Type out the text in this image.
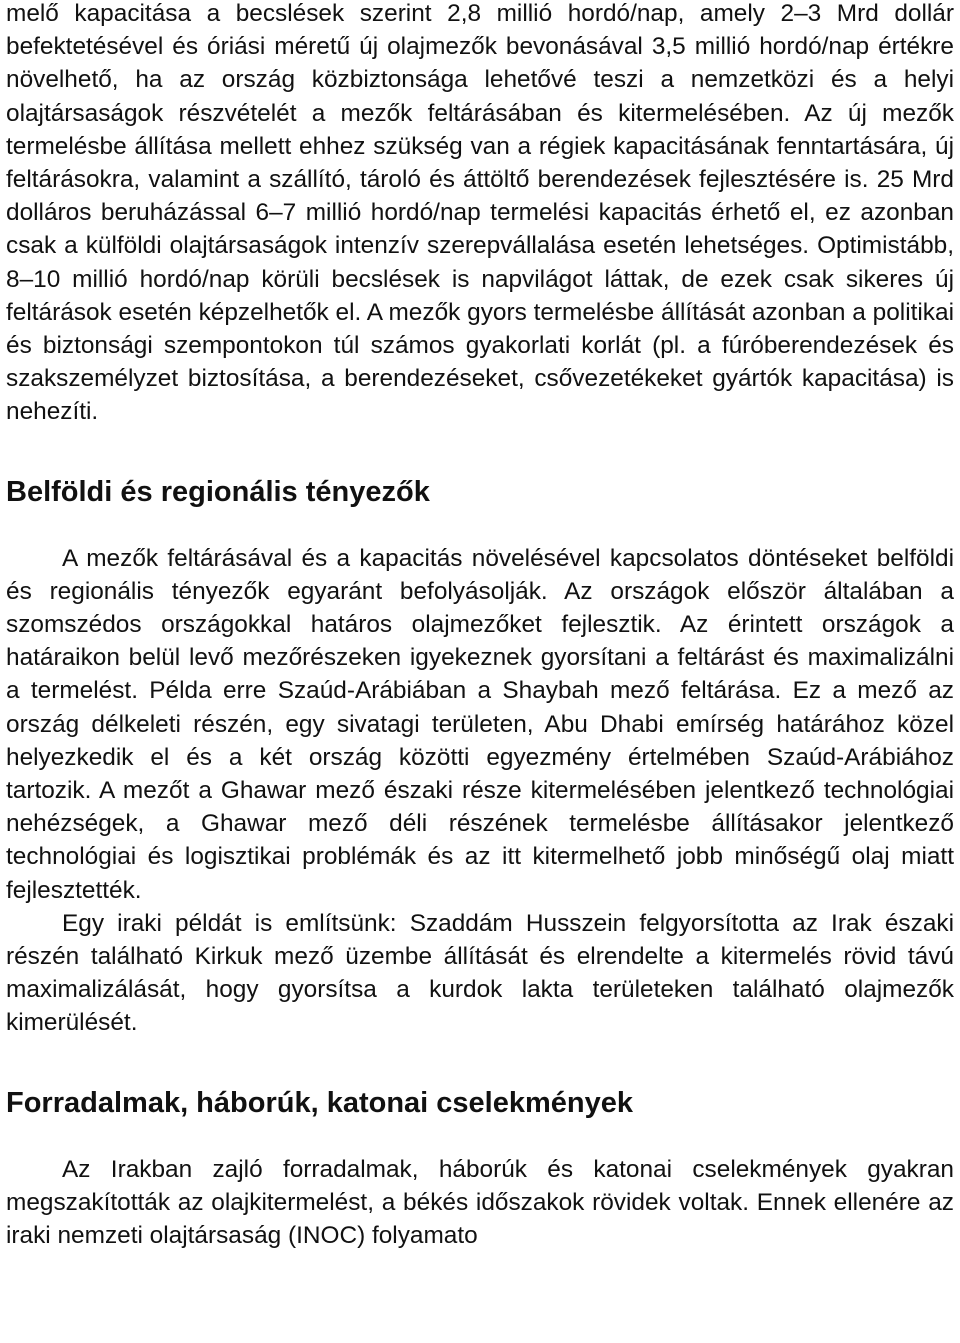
melő kapacitása a becslések szerint 2,8 millió hordó/nap, amely 2–3 Mrd dollár befektetésével és óriási méretű új olajmezők bevonásával 3,5 millió hordó/nap értékre növelhető, ha az ország közbiztonsága lehetővé teszi a nemzetközi és a helyi olajtársaságok részvételét a mezők feltárásában és kitermelésében. Az új mezők termelésbe állítása mellett ehhez szükség van a régiek kapacitásának fenntartására, új feltárásokra, valamint a szállító, tároló és áttöltő berendezések fejlesztésére is. 25 Mrd dolláros beruházással 6–7 millió hordó/nap termelési kapacitás érhető el, ez azonban csak a külföldi olajtársaságok intenzív szerepvállalása esetén lehetséges. Optimistább, 8–10 millió hordó/nap körüli becslések is napvilágot láttak, de ezek csak sikeres új feltárások esetén képzelhetők el. A mezők gyors termelésbe állítását azonban a politikai és biztonsági szempontokon túl számos gyakorlati korlát (pl. a fúróberendezések és szakszemélyzet biztosítása, a berendezéseket, csővezetékeket gyártók kapacitása) is nehezíti.

Belföldi és regionális tényezők

A mezők feltárásával és a kapacitás növelésével kapcsolatos döntéseket belföldi és regionális tényezők egyaránt befolyásolják. Az országok először általában a szomszédos országokkal határos olajmezőket fejlesztik. Az érintett országok a határaikon belül levő mezőrészeken igyekeznek gyorsítani a feltárást és maximalizálni a termelést. Példa erre Szaúd-Arábiában a Shaybah mező feltárása. Ez a mező az ország délkeleti részén, egy sivatagi területen, Abu Dhabi emírség határához közel helyezkedik el és a két ország közötti egyezmény értelmében Szaúd-Arábiához tartozik. A mezőt a Ghawar mező északi része kitermelésében jelentkező technológiai nehézségek, a Ghawar mező déli részének termelésbe állításakor jelentkező technológiai és logisztikai problémák és az itt kitermelhető jobb minőségű olaj miatt fejlesztették.

Egy iraki példát is említsünk: Szaddám Husszein felgyorsította az Irak északi részén található Kirkuk mező üzembe állítását és elrendelte a kitermelés rövid távú maximalizálását, hogy gyorsítsa a kurdok lakta területeken található olajmezők kimerülését.

Forradalmak, háborúk, katonai cselekmények

Az Irakban zajló forradalmak, háborúk és katonai cselekmények gyakran megszakították az olajkitermelést, a békés időszakok rövidek voltak. Ennek ellenére az iraki nemzeti olajtársaság (INOC) folyamato
